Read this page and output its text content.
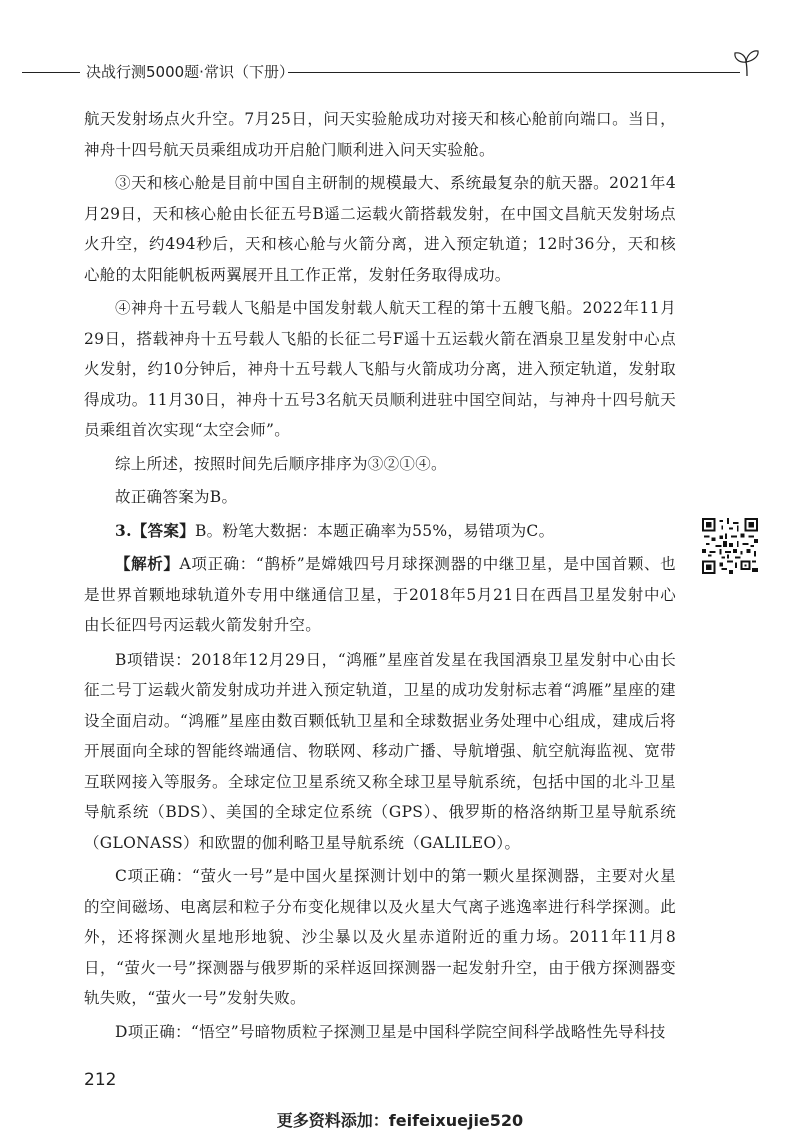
决战行测5000题·常识（下册）

航天发射场点火升空。7月25日，问天实验舱成功对接天和核心舱前向端口。当日，神舟十四号航天员乘组成功开启舱门顺利进入问天实验舱。

③天和核心舱是目前中国自主研制的规模最大、系统最复杂的航天器。2021年4月29日，天和核心舱由长征五号B遥二运载火箭搭载发射，在中国文昌航天发射场点火升空，约494秒后，天和核心舱与火箭分离，进入预定轨道；12时36分，天和核心舱的太阳能帆板两翼展开且工作正常，发射任务取得成功。

④神舟十五号载人飞船是中国发射载人航天工程的第十五艘飞船。2022年11月29日，搭载神舟十五号载人飞船的长征二号F遥十五运载火箭在酒泉卫星发射中心点火发射，约10分钟后，神舟十五号载人飞船与火箭成功分离，进入预定轨道，发射取得成功。11月30日，神舟十五号3名航天员顺利进驻中国空间站，与神舟十四号航天员乘组首次实现“太空会师”。

综上所述，按照时间先后顺序排序为③②①④。

故正确答案为B。

3.【答案】B。粉笔大数据：本题正确率为55%，易错项为C。

【解析】A项正确：“鹊桥”是嫦娥四号月球探测器的中继卫星，是中国首颗、也是世界首颗地球轨道外专用中继通信卫星，于2018年5月21日在西昌卫星发射中心由长征四号丙运载火箭发射升空。

B项错误：2018年12月29日，“鸿雁”星座首发星在我国酒泉卫星发射中心由长征二号丁运载火箭发射成功并进入预定轨道，卫星的成功发射标志着“鸿雁”星座的建设全面启动。“鸿雁”星座由数百颗低轨卫星和全球数据业务处理中心组成，建成后将开展面向全球的智能终端通信、物联网、移动广播、导航增强、航空航海监视、宽带互联网接入等服务。全球定位卫星系统又称全球卫星导航系统，包括中国的北斗卫星导航系统（BDS）、美国的全球定位系统（GPS）、俄罗斯的格洛纳斯卫星导航系统（GLONASS）和欧盟的伽利略卫星导航系统（GALILEO）。

C项正确：“萤火一号”是中国火星探测计划中的第一颗火星探测器，主要对火星的空间磁场、电离层和粒子分布变化规律以及火星大气离子逃逸率进行科学探测。此外，还将探测火星地形地貌、沙尘暴以及火星赤道附近的重力场。2011年11月8日，“萤火一号”探测器与俄罗斯的采样返回探测器一起发射升空，由于俄方探测器变轨失败，“萤火一号”发射失败。

D项正确：“悟空”号暗物质粒子探测卫星是中国科学院空间科学战略性先导科技

212
更多资料添加：feifeixuejie520
